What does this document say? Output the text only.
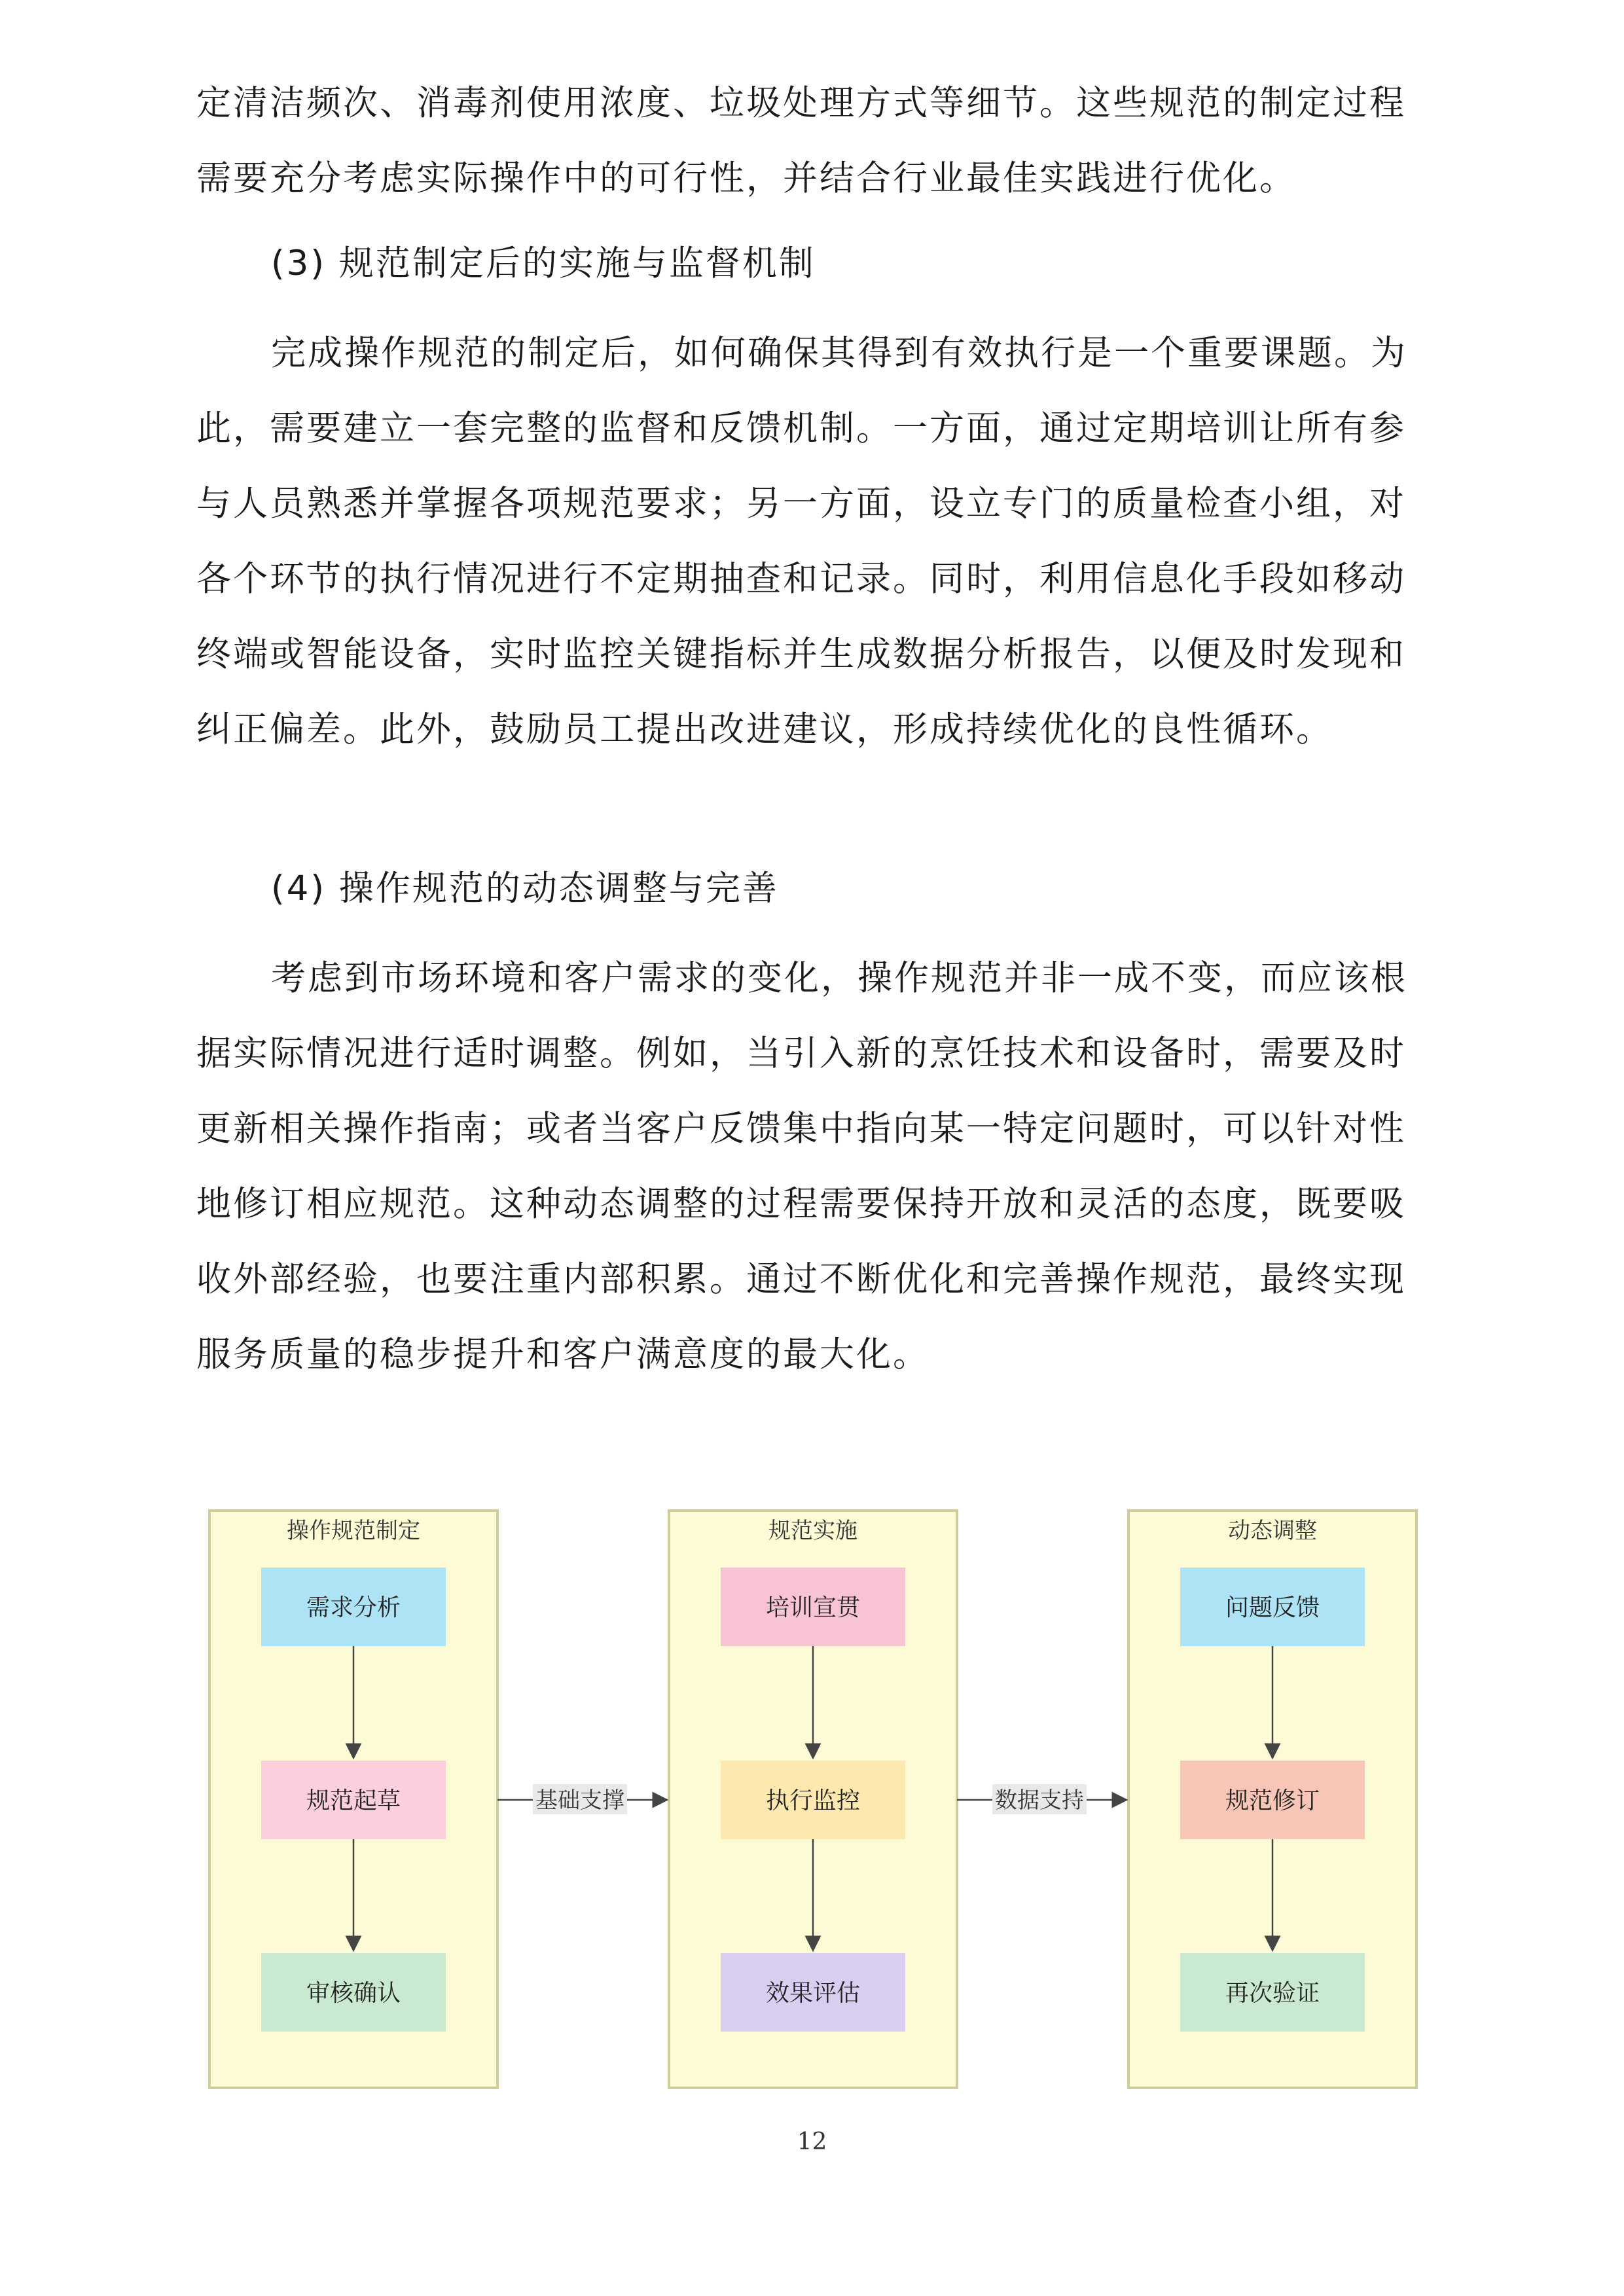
定清洁频次、消毒剂使用浓度、垃圾处理方式等细节。这些规范的制定过程需要充分考虑实际操作中的可行性，并结合行业最佳实践进行优化。

(3) 规范制定后的实施与监督机制

完成操作规范的制定后，如何确保其得到有效执行是一个重要课题。为此，需要建立一套完整的监督和反馈机制。一方面，通过定期培训让所有参与人员熟悉并掌握各项规范要求；另一方面，设立专门的质量检查小组，对各个环节的执行情况进行不定期抽查和记录。同时，利用信息化手段如移动终端或智能设备，实时监控关键指标并生成数据分析报告，以便及时发现和纠正偏差。此外，鼓励员工提出改进建议，形成持续优化的良性循环。

(4) 操作规范的动态调整与完善

考虑到市场环境和客户需求的变化，操作规范并非一成不变，而应该根据实际情况进行适时调整。例如，当引入新的烹饪技术和设备时，需要及时更新相关操作指南；或者当客户反馈集中指向某一特定问题时，可以针对性地修订相应规范。这种动态调整的过程需要保持开放和灵活的态度，既要吸收外部经验，也要注重内部积累。通过不断优化和完善操作规范，最终实现服务质量的稳步提升和客户满意度的最大化。

操作规范制定
需求分析
规范起草
审核确认
规范实施
培训宣贯
执行监控
效果评估
动态调整
问题反馈
规范修订
再次验证
基础支撑	数据支持
12
